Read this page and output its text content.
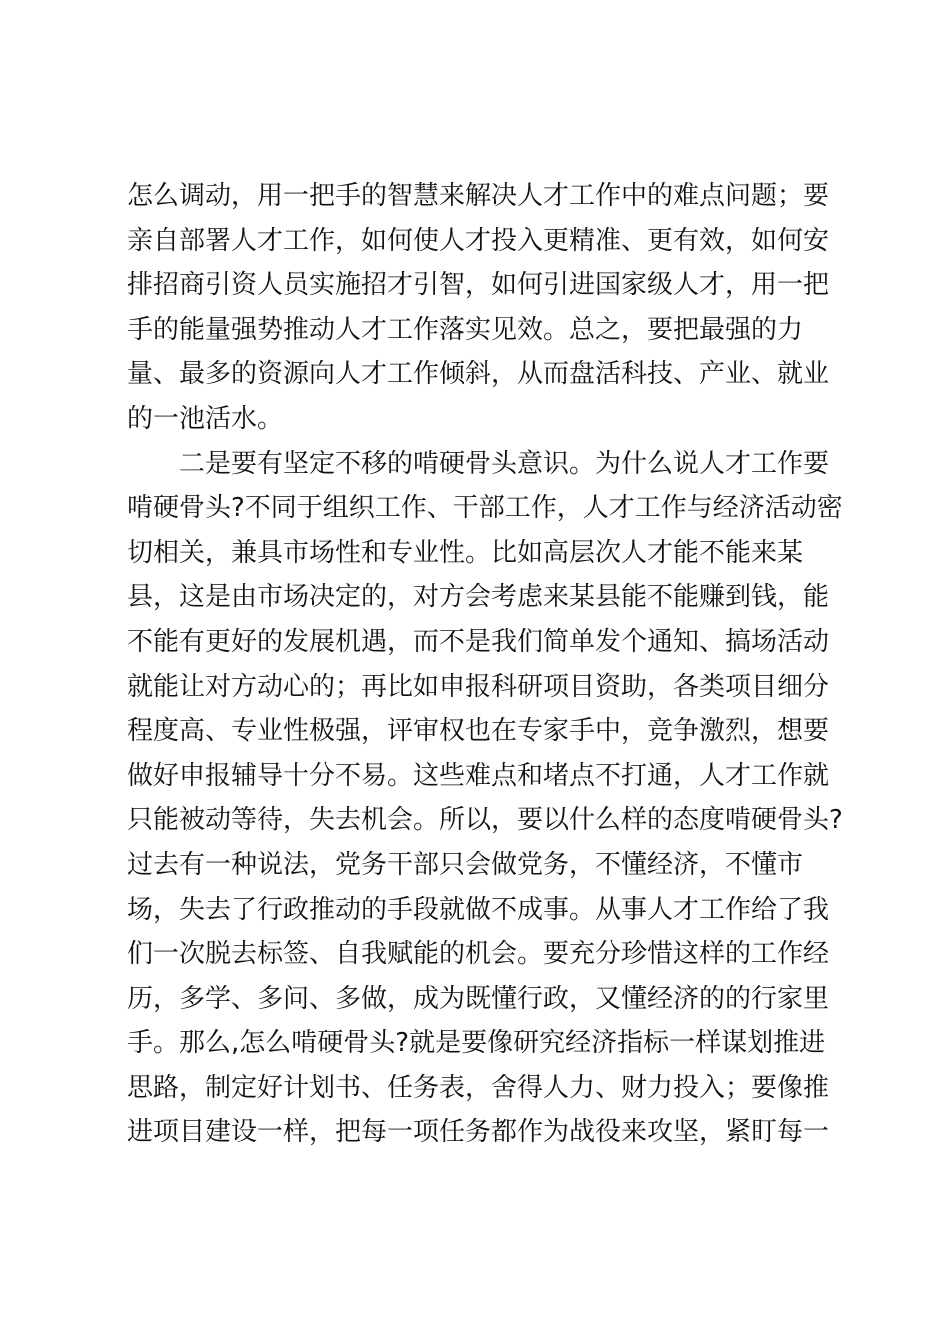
怎么调动，用一把手的智慧来解决人才工作中的难点问题；要
亲自部署人才工作，如何使人才投入更精准、更有效，如何安
排招商引资人员实施招才引智，如何引进国家级人才，用一把
手的能量强势推动人才工作落实见效。总之，要把最强的力
量、最多的资源向人才工作倾斜，从而盘活科技、产业、就业
的一池活水。
二是要有坚定不移的啃硬骨头意识。为什么说人才工作要
啃硬骨头?不同于组织工作、干部工作，人才工作与经济活动密
切相关，兼具市场性和专业性。比如高层次人才能不能来某
县，这是由市场决定的，对方会考虑来某县能不能赚到钱，能
不能有更好的发展机遇，而不是我们简单发个通知、搞场活动
就能让对方动心的；再比如申报科研项目资助，各类项目细分
程度高、专业性极强，评审权也在专家手中，竞争激烈，想要
做好申报辅导十分不易。这些难点和堵点不打通，人才工作就
只能被动等待，失去机会。所以，要以什么样的态度啃硬骨头?
过去有一种说法，党务干部只会做党务，不懂经济，不懂市
场，失去了行政推动的手段就做不成事。从事人才工作给了我
们一次脱去标签、自我赋能的机会。要充分珍惜这样的工作经
历，多学、多问、多做，成为既懂行政，又懂经济的的行家里
手。那么,怎么啃硬骨头?就是要像研究经济指标一样谋划推进
思路，制定好计划书、任务表，舍得人力、财力投入；要像推
进项目建设一样，把每一项任务都作为战役来攻坚，紧盯每一
